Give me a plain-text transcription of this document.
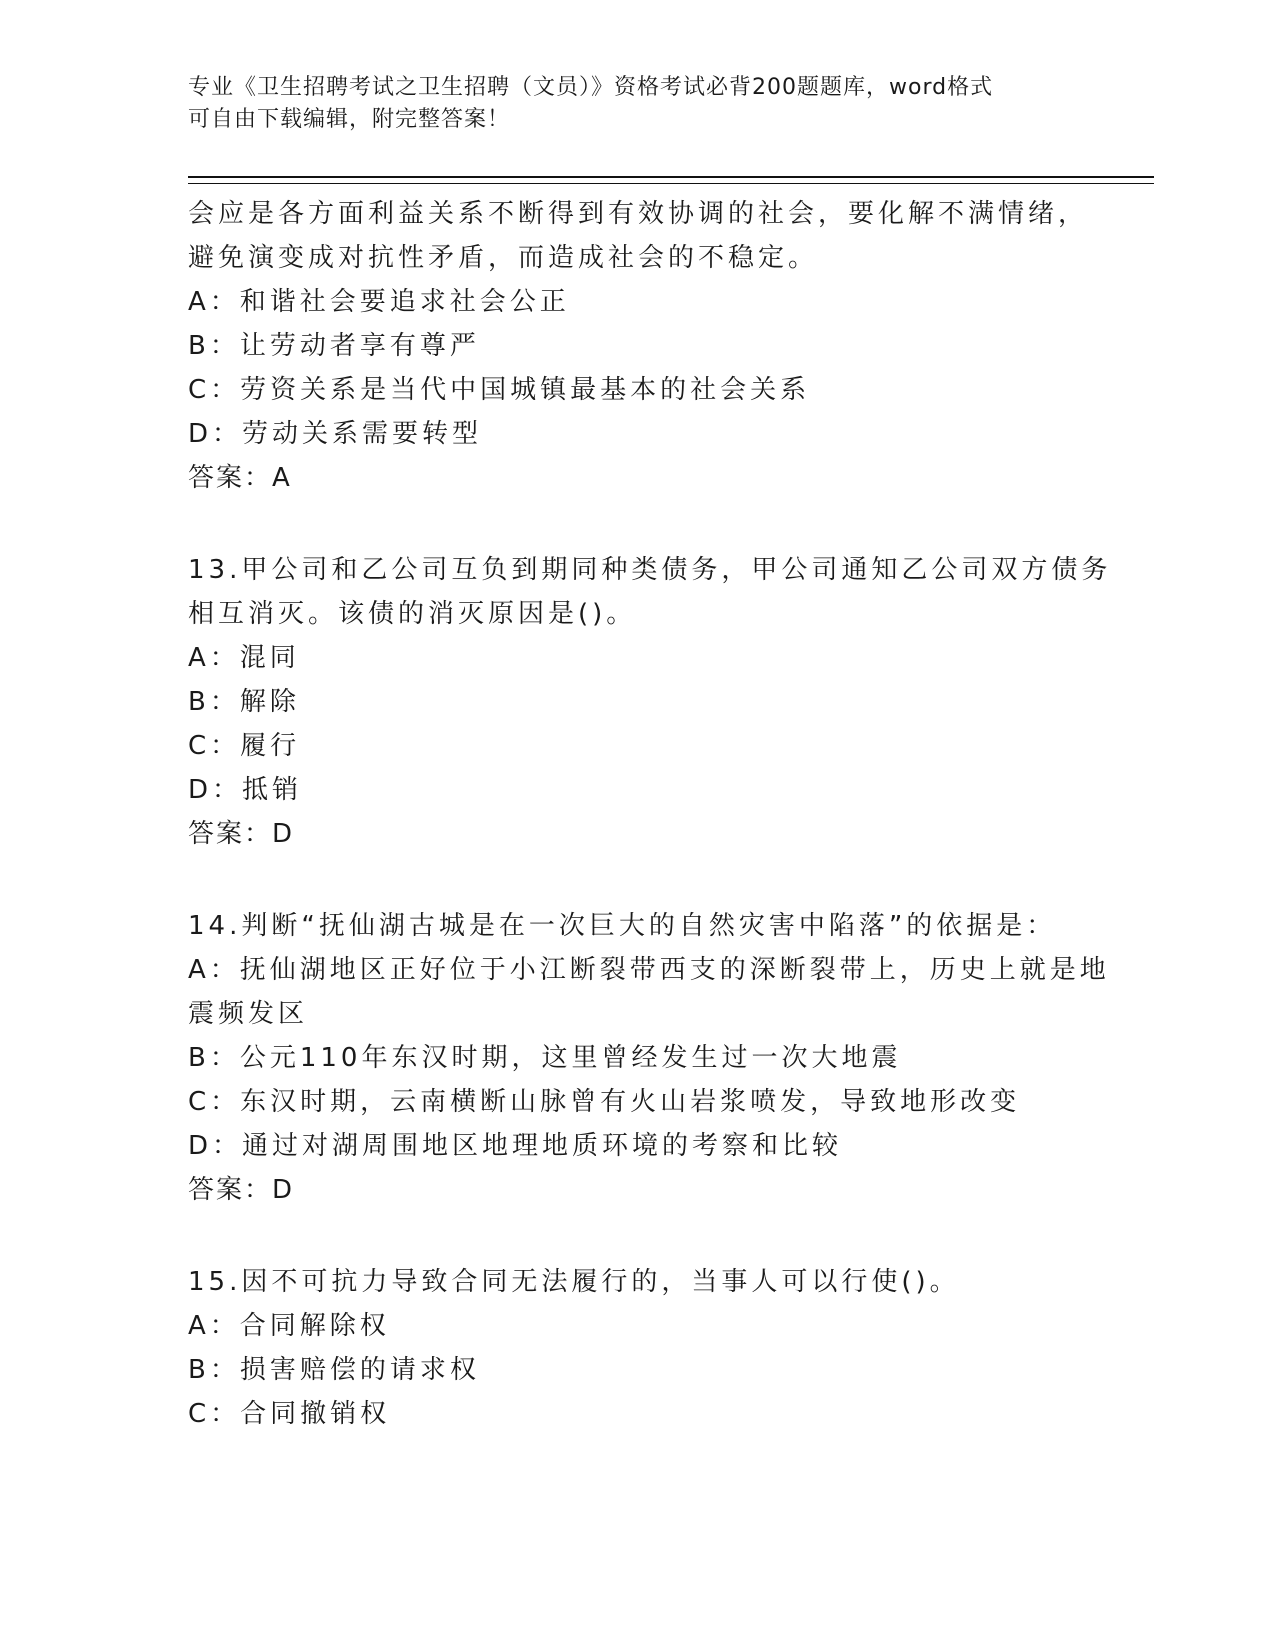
专业《卫生招聘考试之卫生招聘（文员）》资格考试必背200题题库，word格式
可自由下载编辑，附完整答案！
会应是各方面利益关系不断得到有效协调的社会，要化解不满情绪，
避免演变成对抗性矛盾，而造成社会的不稳定。
A：和谐社会要追求社会公正
B：让劳动者享有尊严
C：劳资关系是当代中国城镇最基本的社会关系
D：劳动关系需要转型
答案：A
13.甲公司和乙公司互负到期同种类债务，甲公司通知乙公司双方债务
相互消灭。该债的消灭原因是()。
A：混同
B：解除
C：履行
D：抵销
答案：D
14.判断“抚仙湖古城是在一次巨大的自然灾害中陷落”的依据是：
A：抚仙湖地区正好位于小江断裂带西支的深断裂带上，历史上就是地
震频发区
B：公元110年东汉时期，这里曾经发生过一次大地震
C：东汉时期，云南横断山脉曾有火山岩浆喷发，导致地形改变
D：通过对湖周围地区地理地质环境的考察和比较
答案：D
15.因不可抗力导致合同无法履行的，当事人可以行使()。
A：合同解除权
B：损害赔偿的请求权
C：合同撤销权
